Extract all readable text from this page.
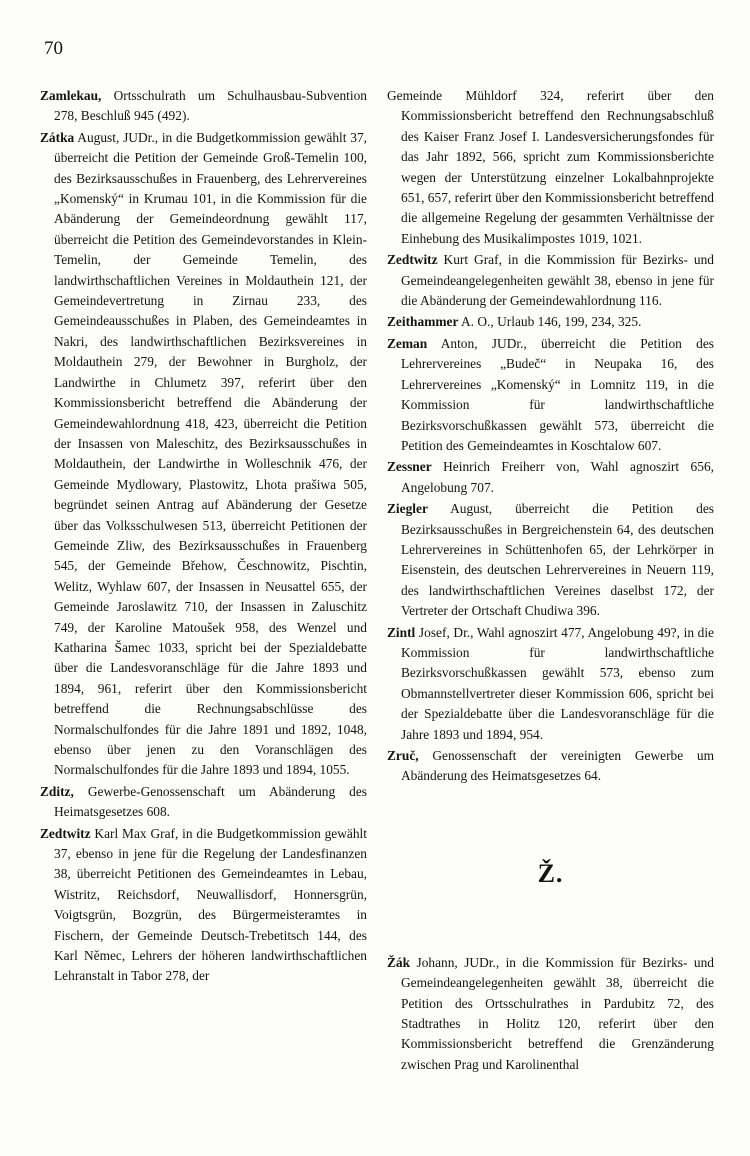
70

Zamlekau, Ortsschulrath um Schulhausbau-Subvention 278, Beschluß 945 (492).

Zátka August, JUDr., in die Budgetkommission gewählt 37, überreicht die Petition der Gemeinde Groß-Temelin 100, des Bezirksausschußes in Frauenberg, des Lehrervereines „Komenský“ in Krumau 101, in die Kommission für die Abänderung der Gemeindeordnung gewählt 117, überreicht die Petition des Gemeindevorstandes in Klein-Temelin, der Gemeinde Temelin, des landwirthschaftlichen Vereines in Moldauthein 121, der Gemeindevertretung in Zirnau 233, des Gemeindeausschußes in Plaben, des Gemeindeamtes in Nakri, des landwirthschaftlichen Bezirksvereines in Moldauthein 279, der Bewohner in Burgholz, der Landwirthe in Chlumetz 397, referirt über den Kommissionsbericht betreffend die Abänderung der Gemeindewahlordnung 418, 423, überreicht die Petition der Insassen von Maleschitz, des Bezirksausschußes in Moldauthein, der Landwirthe in Wolleschnik 476, der Gemeinde Mydlowary, Plastowitz, Lhota prašiwa 505, begründet seinen Antrag auf Abänderung der Gesetze über das Volksschulwesen 513, überreicht Petitionen der Gemeinde Zliw, des Bezirksausschußes in Frauenberg 545, der Gemeinde Břehow, Česchnowitz, Pischtin, Welitz, Wyhlaw 607, der Insassen in Neusattel 655, der Gemeinde Jaroslawitz 710, der Insassen in Zaluschitz 749, der Karoline Matoušek 958, des Wenzel und Katharina Šamec 1033, spricht bei der Spezialdebatte über die Landesvoranschläge für die Jahre 1893 und 1894, 961, referirt über den Kommissionsbericht betreffend die Rechnungsabschlüsse des Normalschulfondes für die Jahre 1891 und 1892, 1048, ebenso über jenen zu den Voranschlägen des Normalschulfondes für die Jahre 1893 und 1894, 1055.

Zditz, Gewerbe-Genossenschaft um Abänderung des Heimatsgesetzes 608.

Zedtwitz Karl Max Graf, in die Budgetkommission gewählt 37, ebenso in jene für die Regelung der Landesfinanzen 38, überreicht Petitionen des Gemeindeamtes in Lebau, Wistritz, Reichsdorf, Neuwallisdorf, Honnersgrün, Voigtsgrün, Bozgrün, des Bürgermeisteramtes in Fischern, der Gemeinde Deutsch-Trebetitsch 144, des Karl Němec, Lehrers der höheren landwirthschaftlichen Lehranstalt in Tabor 278, der

Gemeinde Mühldorf 324, referirt über den Kommissionsbericht betreffend den Rechnungsabschluß des Kaiser Franz Josef I. Landesversicherungsfondes für das Jahr 1892, 566, spricht zum Kommissionsberichte wegen der Unterstützung einzelner Lokalbahnprojekte 651, 657, referirt über den Kommissionsbericht betreffend die allgemeine Regelung der gesammten Verhältnisse der Einhebung des Musikalimpostes 1019, 1021.

Zedtwitz Kurt Graf, in die Kommission für Bezirks- und Gemeindeangelegenheiten gewählt 38, ebenso in jene für die Abänderung der Gemeindewahlordnung 116.

Zeithammer A. O., Urlaub 146, 199, 234, 325.

Zeman Anton, JUDr., überreicht die Petition des Lehrervereines „Budeč“ in Neupaka 16, des Lehrervereines „Komenský“ in Lomnitz 119, in die Kommission für landwirthschaftliche Bezirksvorschußkassen gewählt 573, überreicht die Petition des Gemeindeamtes in Koschtalow 607.

Zessner Heinrich Freiherr von, Wahl agnoszirt 656, Angelobung 707.

Ziegler August, überreicht die Petition des Bezirksausschußes in Bergreichenstein 64, des deutschen Lehrervereines in Schüttenhofen 65, der Lehrkörper in Eisenstein, des deutschen Lehrervereines in Neuern 119, des landwirthschaftlichen Vereines daselbst 172, der Vertreter der Ortschaft Chudiwa 396.

Zintl Josef, Dr., Wahl agnoszirt 477, Angelobung 49?, in die Kommission für landwirthschaftliche Bezirksvorschußkassen gewählt 573, ebenso zum Obmannstellvertreter dieser Kommission 606, spricht bei der Spezialdebatte über die Landesvoranschläge für die Jahre 1893 und 1894, 954.

Zruč, Genossenschaft der vereinigten Gewerbe um Abänderung des Heimatsgesetzes 64.

Ž.

Žák Johann, JUDr., in die Kommission für Bezirks- und Gemeindeangelegenheiten gewählt 38, überreicht die Petition des Ortsschulrathes in Pardubitz 72, des Stadtrathes in Holitz 120, referirt über den Kommissionsbericht betreffend die Grenzänderung zwischen Prag und Karolinenthal
